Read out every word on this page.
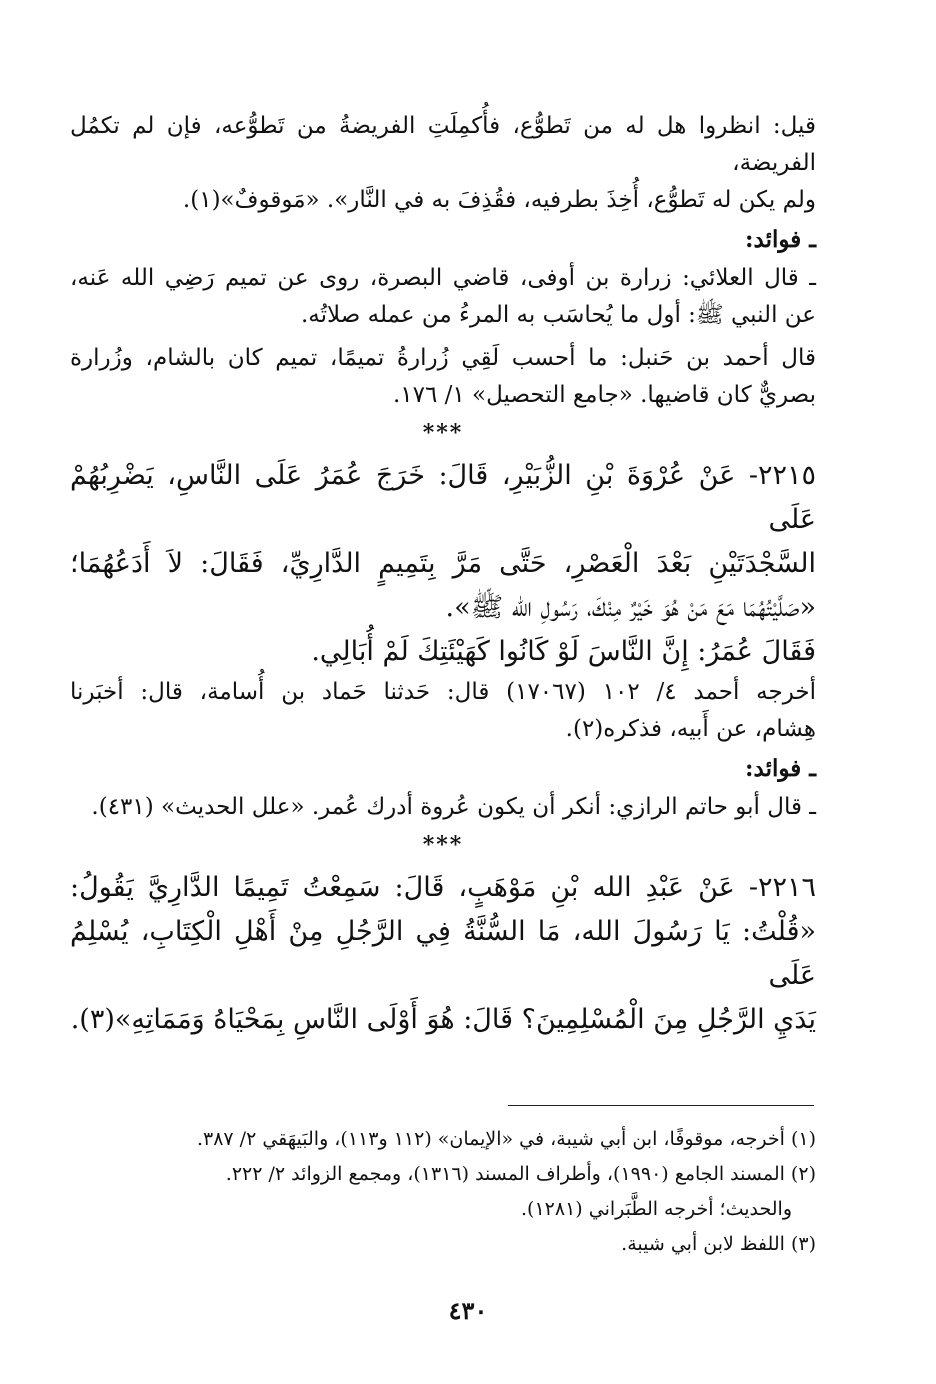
قيل: انظروا هل له من تَطوُّع، فأُكمِلَتِ الفريضةُ من تَطوُّعه، فإن لم تكمُل الفريضة،

ولم يكن له تَطوُّع، أُخِذَ بطرفيه، فقُذِفَ به في النَّار». «مَوقوفٌ»(١).

ـ فوائد:

ـ قال العلائي: زرارة بن أوفى، قاضي البصرة، روى عن تميم رَضِي الله عَنه،

عن النبي ﷺ: أول ما يُحاسَب به المرءُ من عمله صلاتُه.

قال أحمد بن حَنبل: ما أحسب لَقِي زُرارةُ تميمًا، تميم كان بالشام، وزُرارة

بصريٌّ كان قاضيها. «جامع التحصيل» ١/ ١٧٦.

***

٢٢١٥- عَنْ عُرْوَةَ بْنِ الزُّبَيْرِ، قَالَ: خَرَجَ عُمَرُ عَلَى النَّاسِ، يَضْرِبُهُمْ عَلَى

السَّجْدَتَيْنِ بَعْدَ الْعَصْرِ، حَتَّى مَرَّ بِتَمِيمٍ الدَّارِيِّ، فَقَالَ: لاَ أَدَعُهُمَا؛

«صَلَّيْتُهُمَا مَعَ مَنْ هُوَ خَيْرٌ مِنْكَ، رَسُولِ الله ﷺ».

فَقَالَ عُمَرُ: إِنَّ النَّاسَ لَوْ كَانُوا كَهَيْئَتِكَ لَمْ أُبَالِي.

أخرجه أحمد ٤/ ١٠٢ (١٧٠٦٧) قال: حَدثنا حَماد بن أُسامة، قال: أخبَرنا

هِشام، عن أَبيه، فذكره(٢).

ـ فوائد:

ـ قال أبو حاتم الرازي: أنكر أن يكون عُروة أدرك عُمر. «علل الحديث» (٤٣١).

***

٢٢١٦- عَنْ عَبْدِ الله بْنِ مَوْهَبٍ، قَالَ: سَمِعْتُ تَمِيمًا الدَّارِيَّ يَقُولُ:

«قُلْتُ: يَا رَسُولَ الله، مَا السُّنَّةُ فِي الرَّجُلِ مِنْ أَهْلِ الْكِتَابِ، يُسْلِمُ عَلَى

يَدَيِ الرَّجُلِ مِنَ الْمُسْلِمِينَ؟ قَالَ: هُوَ أَوْلَى النَّاسِ بِمَحْيَاهُ وَمَمَاتِهِ»(٣).

(١) أخرجه، موقوفًا، ابن أبي شيبة، في «الإيمان» (١١٢ و١١٣)، والبَيهَقي ٢/ ٣٨٧.

(٢) المسند الجامع (١٩٩٠)، وأطراف المسند (١٣١٦)، ومجمع الزوائد ٢/ ٢٢٢.

والحديث؛ أخرجه الطَّبَراني (١٢٨١).

(٣) اللفظ لابن أبي شيبة.

٤٣٠
